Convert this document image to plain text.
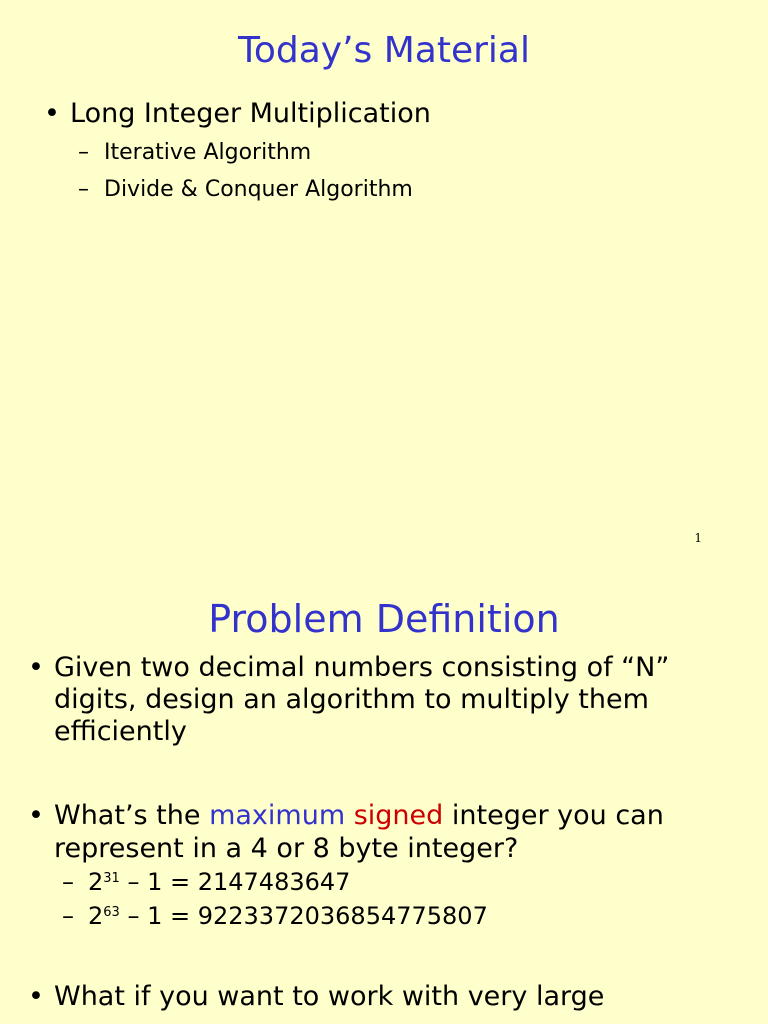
Today’s Material

• Long Integer Multiplication

– Iterative Algorithm

– Divide & Conquer Algorithm

1
Problem Definition
• Given two decimal numbers consisting of “N”
digits, design an algorithm to multiply them
efficiently
• What’s the maximum signed integer you can
represent in a 4 or 8 byte integer?

– $2^{31} - 1 = 2147483647$

– $2^{63} - 1 = 9223372036854775807$

• What if you want to work with very large
